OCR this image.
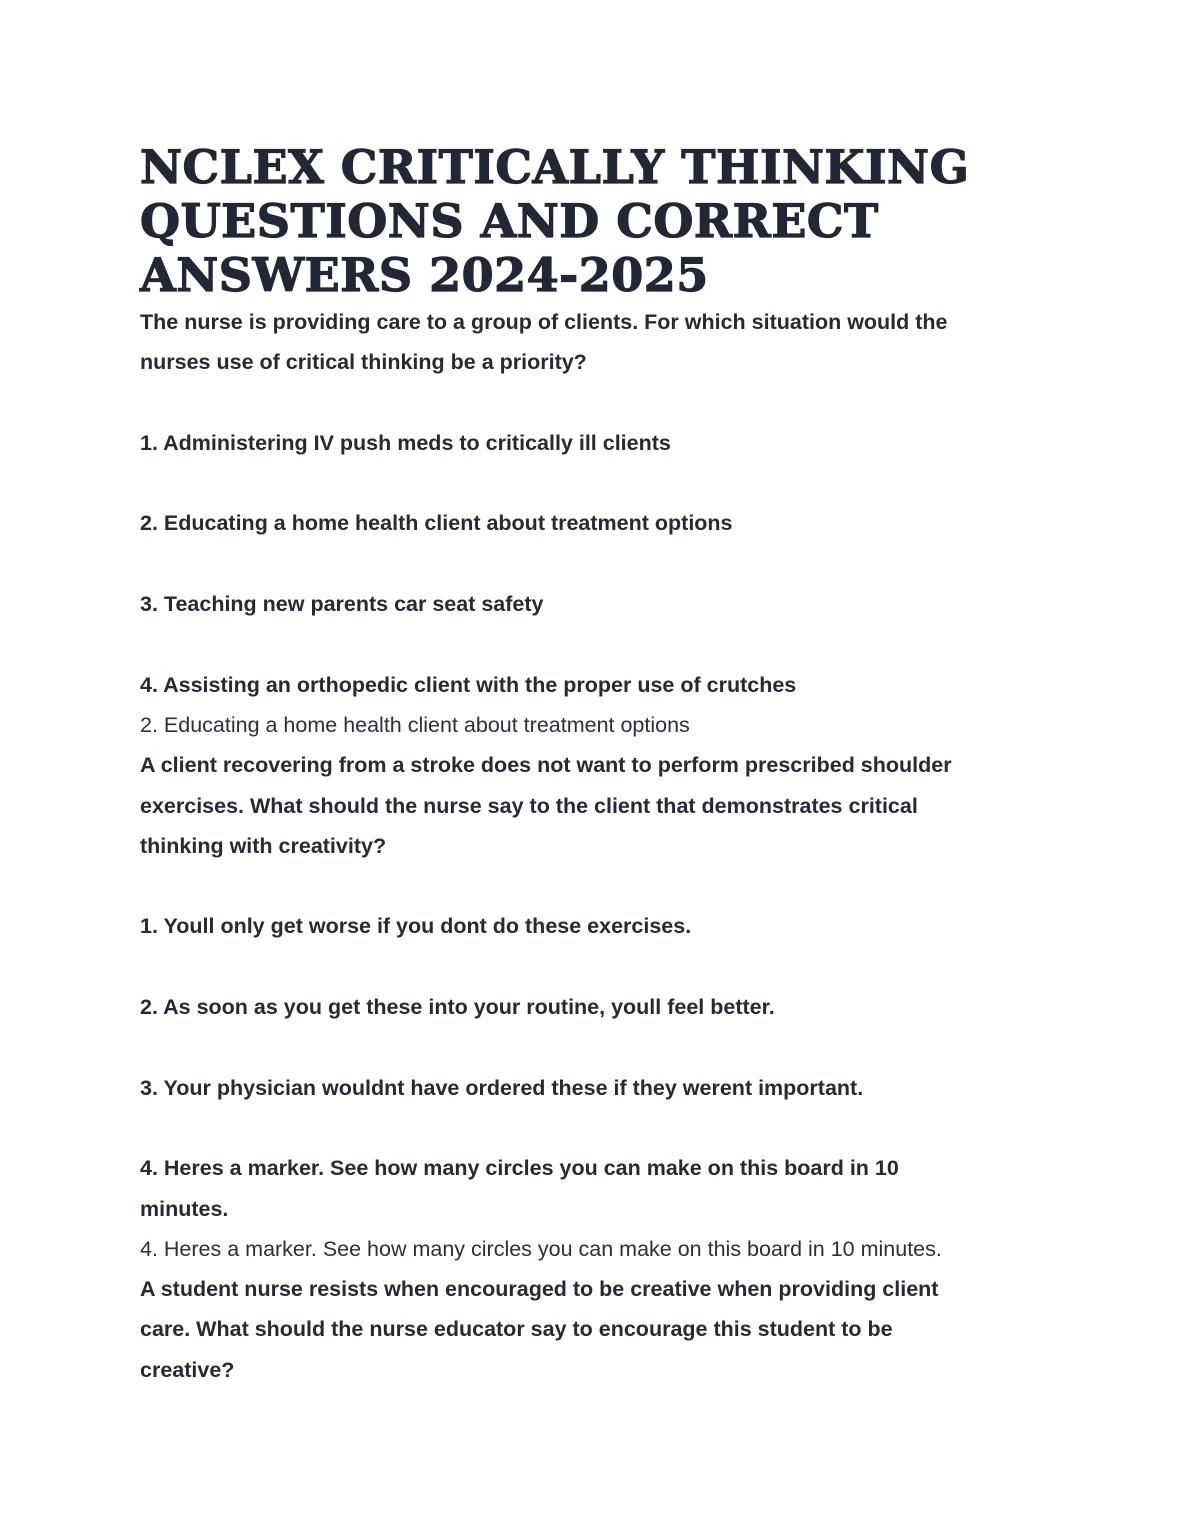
NCLEX CRITICALLY THINKING
QUESTIONS AND CORRECT
ANSWERS 2024-2025

The nurse is providing care to a group of clients. For which situation would the
nurses use of critical thinking be a priority?

1. Administering IV push meds to critically ill clients

2. Educating a home health client about treatment options

3. Teaching new parents car seat safety

4. Assisting an orthopedic client with the proper use of crutches

2. Educating a home health client about treatment options

A client recovering from a stroke does not want to perform prescribed shoulder
exercises. What should the nurse say to the client that demonstrates critical
thinking with creativity?

1. Youll only get worse if you dont do these exercises.

2. As soon as you get these into your routine, youll feel better.

3. Your physician wouldnt have ordered these if they werent important.

4. Heres a marker. See how many circles you can make on this board in 10
minutes.

4. Heres a marker. See how many circles you can make on this board in 10 minutes.

A student nurse resists when encouraged to be creative when providing client
care. What should the nurse educator say to encourage this student to be
creative?
